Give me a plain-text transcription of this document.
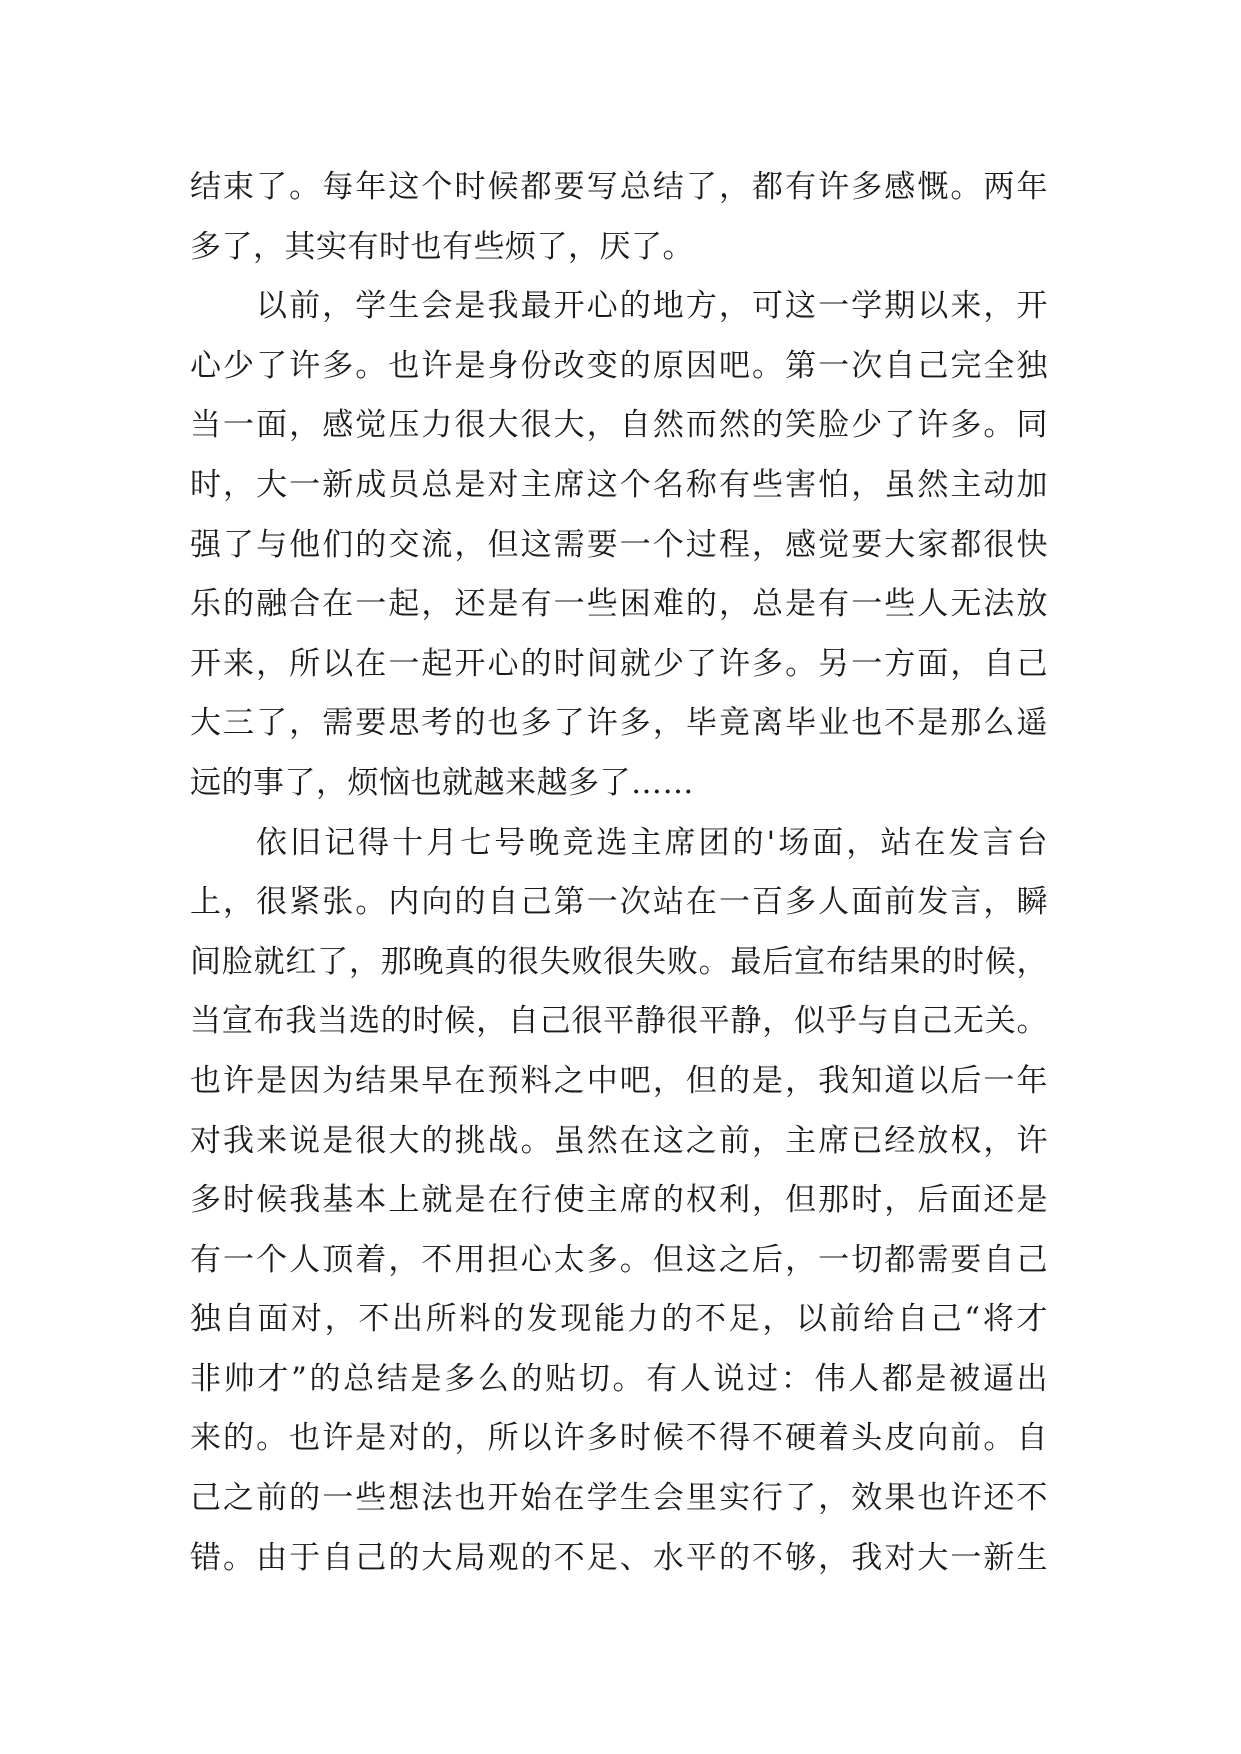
结束了。每年这个时候都要写总结了，都有许多感慨。两年
多了，其实有时也有些烦了，厌了。
以前，学生会是我最开心的地方，可这一学期以来，开
心少了许多。也许是身份改变的原因吧。第一次自己完全独
当一面，感觉压力很大很大，自然而然的笑脸少了许多。同
时，大一新成员总是对主席这个名称有些害怕，虽然主动加
强了与他们的交流，但这需要一个过程，感觉要大家都很快
乐的融合在一起，还是有一些困难的，总是有一些人无法放
开来，所以在一起开心的时间就少了许多。另一方面，自己
大三了，需要思考的也多了许多，毕竟离毕业也不是那么遥
远的事了，烦恼也就越来越多了……
依旧记得十月七号晚竞选主席团的'场面，站在发言台
上，很紧张。内向的自己第一次站在一百多人面前发言，瞬
间脸就红了，那晚真的很失败很失败。最后宣布结果的时候，
当宣布我当选的时候，自己很平静很平静，似乎与自己无关。
也许是因为结果早在预料之中吧，但的是，我知道以后一年
对我来说是很大的挑战。虽然在这之前，主席已经放权，许
多时候我基本上就是在行使主席的权利，但那时，后面还是
有一个人顶着，不用担心太多。但这之后，一切都需要自己
独自面对，不出所料的发现能力的不足，以前给自己“将才
非帅才”的总结是多么的贴切。有人说过：伟人都是被逼出
来的。也许是对的，所以许多时候不得不硬着头皮向前。自
己之前的一些想法也开始在学生会里实行了，效果也许还不
错。由于自己的大局观的不足、水平的不够，我对大一新生
